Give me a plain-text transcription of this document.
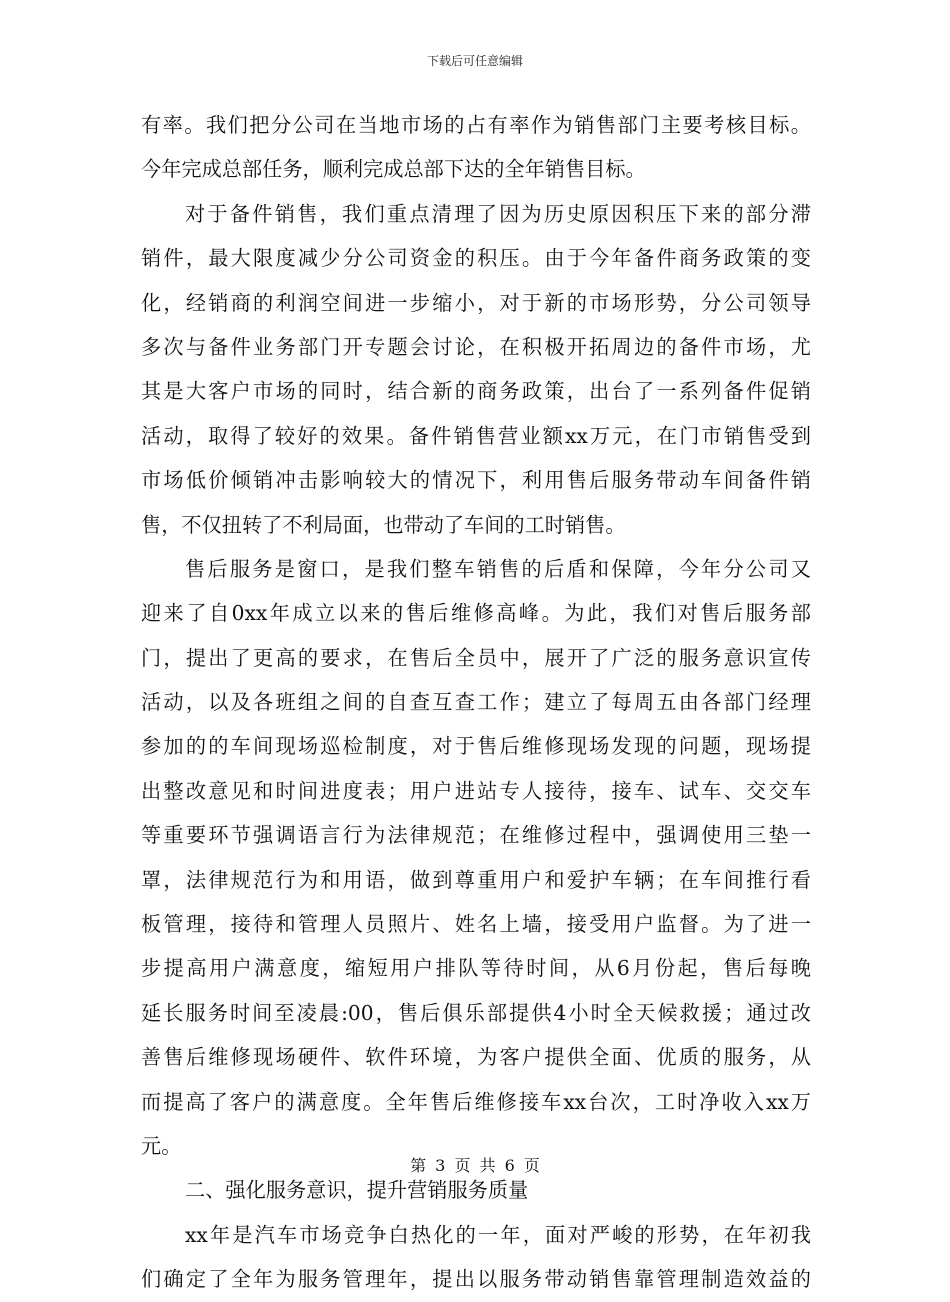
下载后可任意编辑
有率。我们把分公司在当地市场的占有率作为销售部门主要考核目标。
今年完成总部任务，顺利完成总部下达的全年销售目标。
对于备件销售，我们重点清理了因为历史原因积压下来的部分滞
销件，最大限度减少分公司资金的积压。由于今年备件商务政策的变
化，经销商的利润空间进一步缩小，对于新的市场形势，分公司领导
多次与备件业务部门开专题会讨论，在积极开拓周边的备件市场，尤
其是大客户市场的同时，结合新的商务政策，出台了一系列备件促销
活动，取得了较好的效果。备件销售营业额xx万元，在门市销售受到
市场低价倾销冲击影响较大的情况下，利用售后服务带动车间备件销
售，不仅扭转了不利局面，也带动了车间的工时销售。
售后服务是窗口，是我们整车销售的后盾和保障，今年分公司又
迎来了自0xx年成立以来的售后维修高峰。为此，我们对售后服务部
门，提出了更高的要求，在售后全员中，展开了广泛的服务意识宣传
活动，以及各班组之间的自查互查工作；建立了每周五由各部门经理
参加的的车间现场巡检制度，对于售后维修现场发现的问题，现场提
出整改意见和时间进度表；用户进站专人接待，接车、试车、交交车
等重要环节强调语言行为法律规范；在维修过程中，强调使用三垫一
罩，法律规范行为和用语，做到尊重用户和爱护车辆；在车间推行看
板管理，接待和管理人员照片、姓名上墙，接受用户监督。为了进一
步提高用户满意度，缩短用户排队等待时间，从6月份起，售后每晚
延长服务时间至凌晨:00，售后俱乐部提供4小时全天候救援；通过改
善售后维修现场硬件、软件环境，为客户提供全面、优质的服务，从
而提高了客户的满意度。全年售后维修接车xx台次，工时净收入xx万
元。
二、强化服务意识，提升营销服务质量
xx年是汽车市场竞争白热化的一年，面对严峻的形势，在年初我
们确定了全年为服务管理年，提出以服务带动销售靠管理制造效益的
第 3 页 共 6 页
